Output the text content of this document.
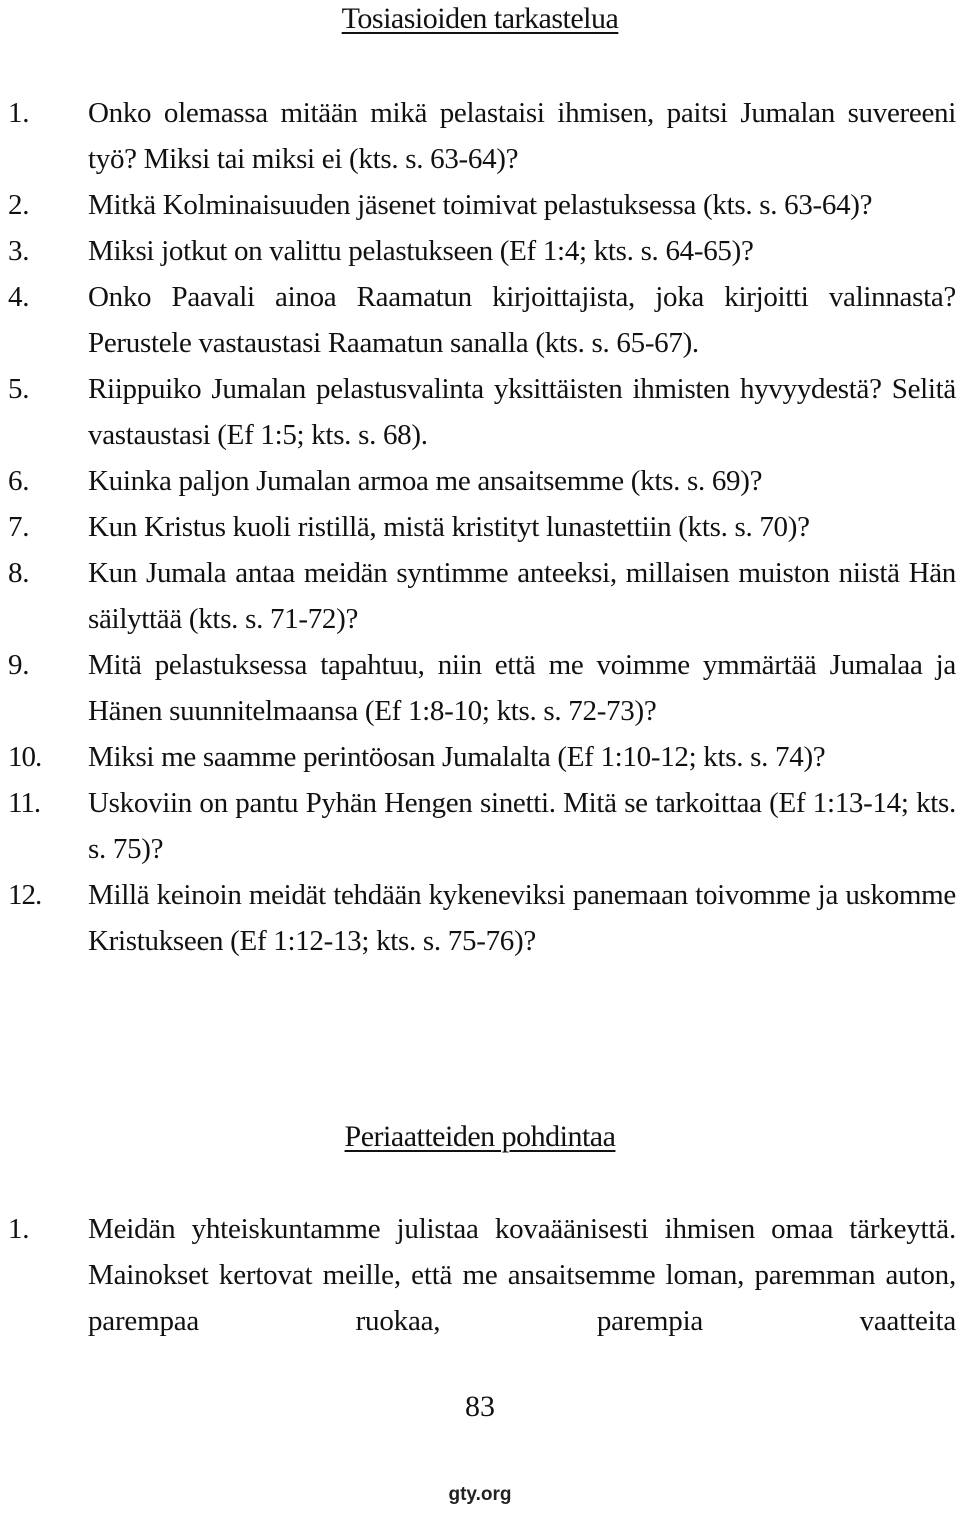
Tosiasioiden tarkastelua
1. Onko olemassa mitään mikä pelastaisi ihmisen, paitsi Jumalan suvereeni työ? Miksi tai miksi ei (kts. s. 63-64)?
2. Mitkä Kolminaisuuden jäsenet toimivat pelastuksessa (kts. s. 63-64)?
3. Miksi jotkut on valittu pelastukseen (Ef 1:4; kts. s. 64-65)?
4. Onko Paavali ainoa Raamatun kirjoittajista, joka kirjoitti valinnasta? Perustele vastaustasi Raamatun sanalla (kts. s. 65-67).
5. Riippuiko Jumalan pelastusvalinta yksittäisten ihmisten hyvyydestä? Selitä vastaustasi (Ef 1:5; kts. s. 68).
6. Kuinka paljon Jumalan armoa me ansaitsemme (kts. s. 69)?
7. Kun Kristus kuoli ristillä, mistä kristityt lunastettiin (kts. s. 70)?
8. Kun Jumala antaa meidän syntimme anteeksi, millaisen muiston niistä Hän säilyttää (kts. s. 71-72)?
9. Mitä pelastuksessa tapahtuu, niin että me voimme ymmärtää Jumalaa ja Hänen suunnitelmaansa (Ef 1:8-10; kts. s. 72-73)?
10. Miksi me saamme perintöosan Jumalalta (Ef 1:10-12; kts. s. 74)?
11. Uskoviin on pantu Pyhän Hengen sinetti. Mitä se tarkoittaa (Ef 1:13-14; kts. s. 75)?
12. Millä keinoin meidät tehdään kykeneviksi panemaan toivomme ja uskomme Kristukseen (Ef 1:12-13; kts. s. 75-76)?
Periaatteiden pohdintaa
1. Meidän yhteiskuntamme julistaa kovaäänisesti ihmisen omaa tärkeyttä. Mainokset kertovat meille, että me ansaitsemme loman, paremman auton, parempaa ruokaa, parempia vaatteita
83
gty.org
